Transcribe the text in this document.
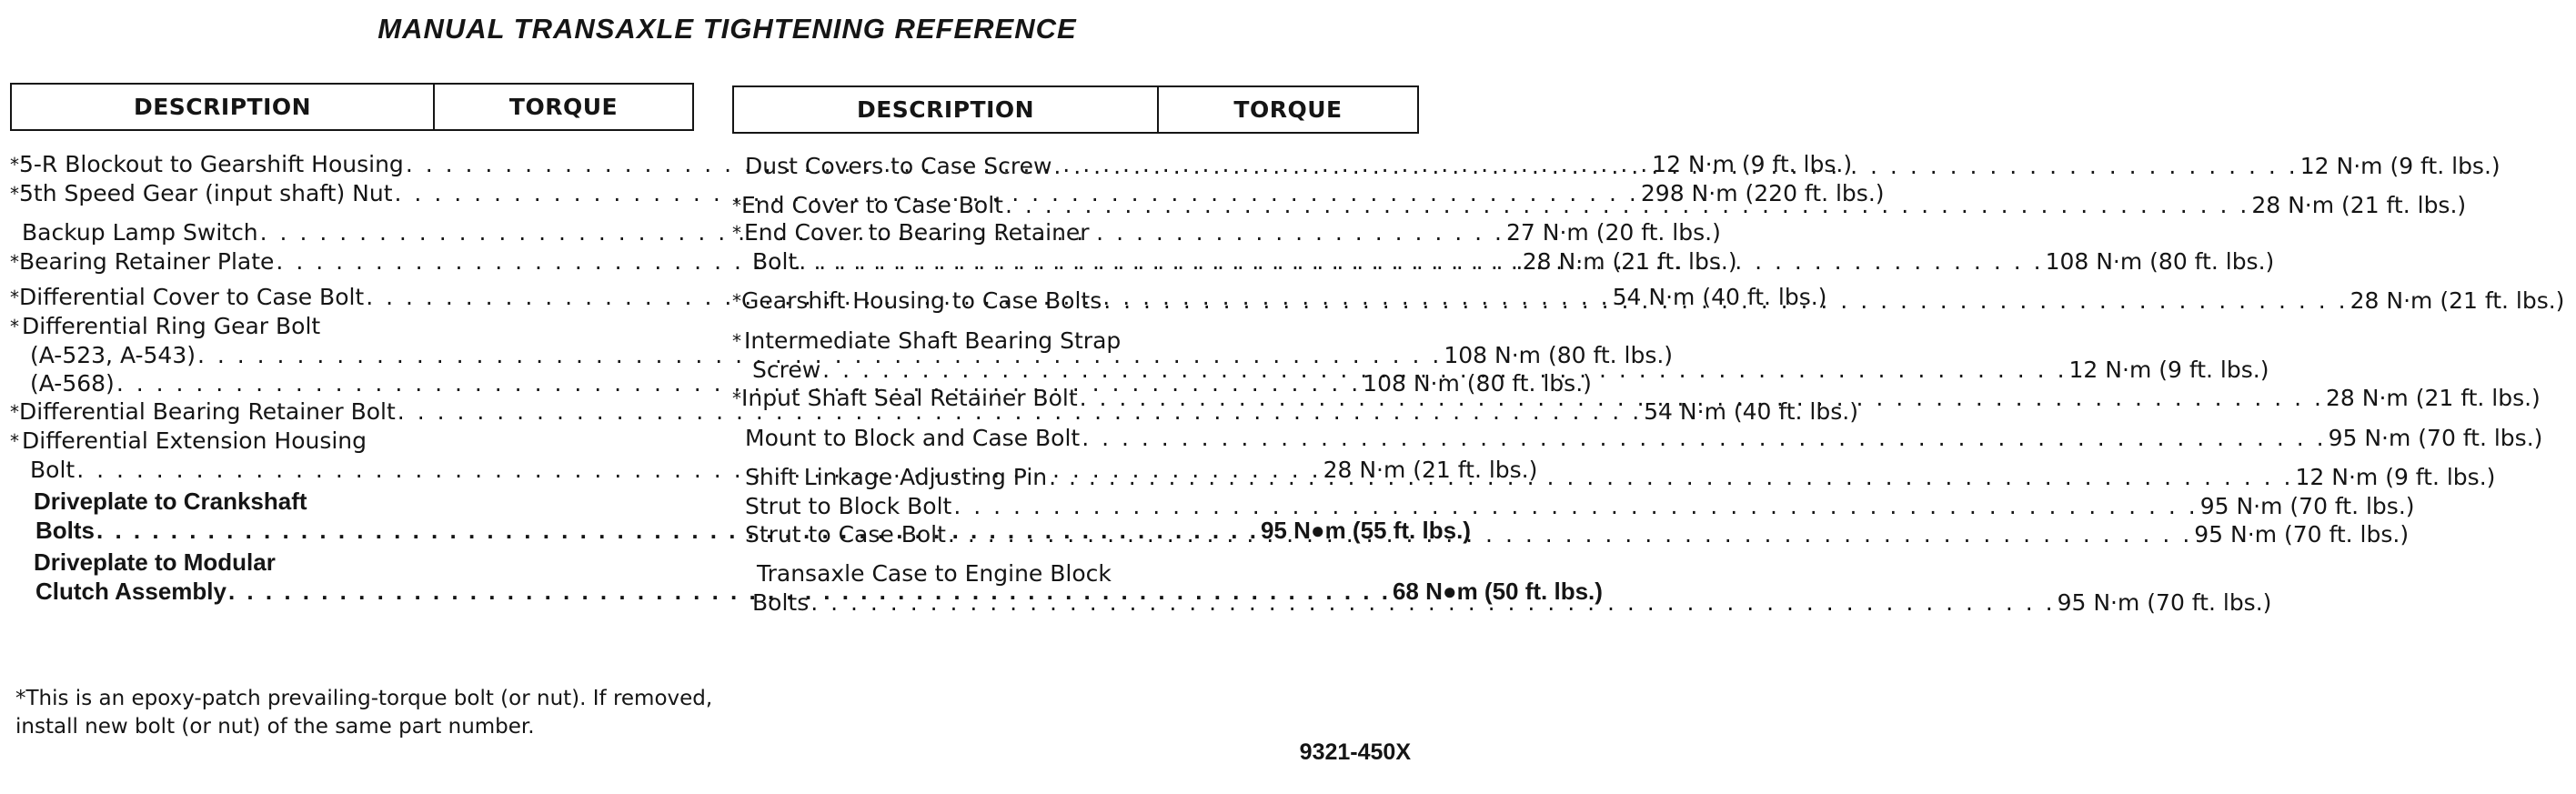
MANUAL TRANSAXLE TIGHTENING REFERENCE
DESCRIPTION	TORQUE
* 5-R Blockout to Gearshift Housing . . .	12 N·m (9 ft. lbs.)
* 5th Speed Gear (input shaft) Nut . . .	298 N·m (220 ft. lbs.)
Backup Lamp Switch . . .	27 N·m (20 ft. lbs.)
* Bearing Retainer Plate . . .	28 N·m (21 ft. lbs.)
* Differential Cover to Case Bolt . . .	54 N·m (40 ft. lbs.)
* Differential Ring Gear Bolt
(A-523, A-543) . . .	108 N·m (80 ft. lbs.)
(A-568) . . .	108 N·m (80 ft. lbs.)
* Differential Bearing Retainer Bolt . . .	54 N·m (40 ft. lbs.)
* Differential Extension Housing
Bolt . . .	28 N·m (21 ft. lbs.)
Driveplate to Crankshaft
Bolts . . .	95 N●m (55 ft. lbs.)
Driveplate to Modular
Clutch Assembly . . .	68 N●m (50 ft. lbs.)
DESCRIPTION	TORQUE
Dust Covers to Case Screw . . .	12 N·m (9 ft. lbs.)
* End Cover to Case Bolt . . .	28 N·m (21 ft. lbs.)
* End Cover to Bearing Retainer
Bolt . . .	108 N·m (80 ft. lbs.)
* Gearshift Housing to Case Bolts . . .	28 N·m (21 ft. lbs.)
* Intermediate Shaft Bearing Strap
Screw . . .	12 N·m (9 ft. lbs.)
* Input Shaft Seal Retainer Bolt . . .	28 N·m (21 ft. lbs.)
Mount to Block and Case Bolt . . .	95 N·m (70 ft. lbs.)
Shift Linkage Adjusting Pin . . .	12 N·m (9 ft. lbs.)
Strut to Block Bolt . . .	95 N·m (70 ft. lbs.)
Strut to Case Bolt . . .	95 N·m (70 ft. lbs.)
Transaxle Case to Engine Block
Bolts . . .	95 N·m (70 ft. lbs.)
*This is an epoxy-patch prevailing-torque bolt (or nut). If removed,
install new bolt (or nut) of the same part number.
9321-450X
